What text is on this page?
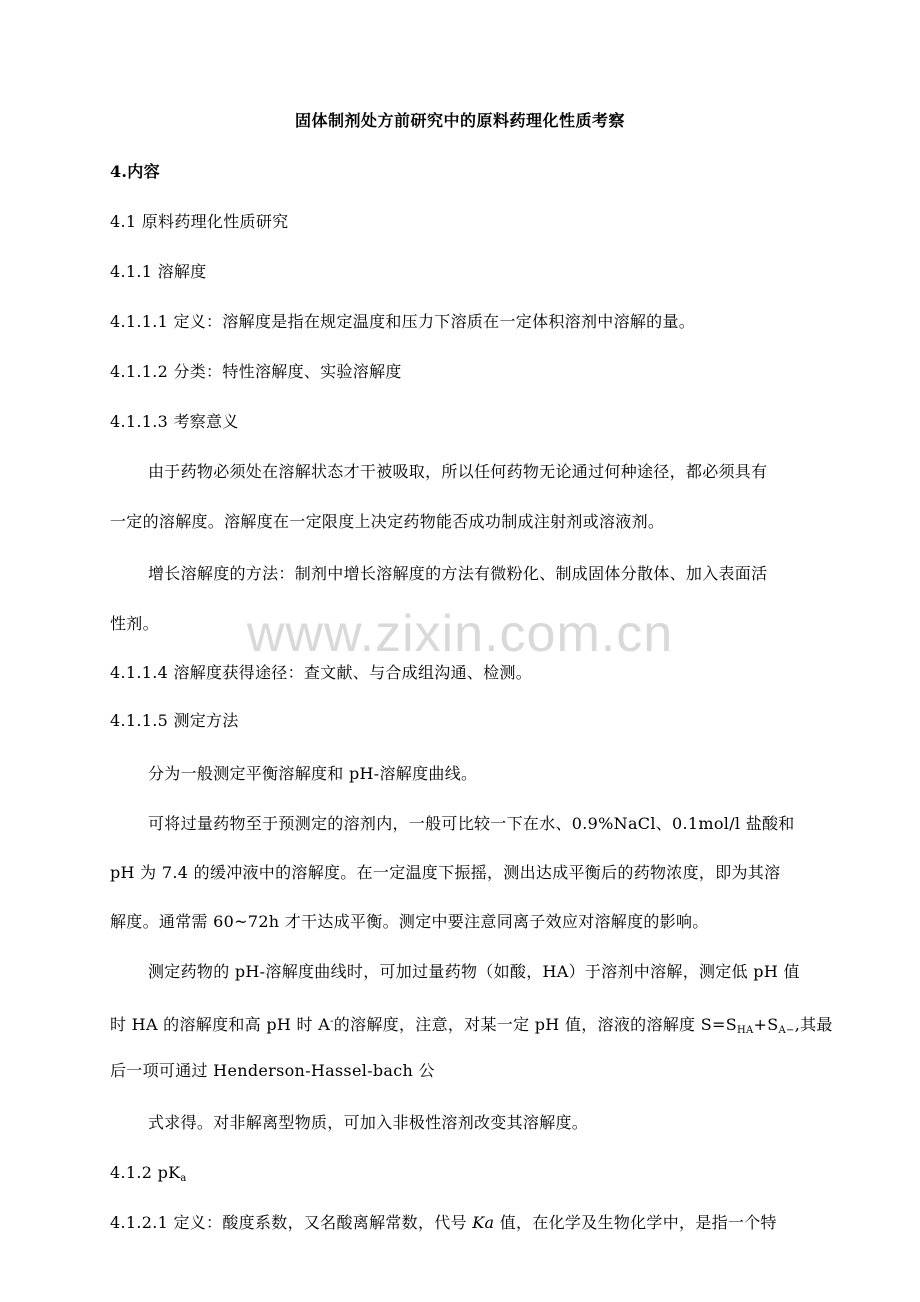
固体制剂处方前研究中的原料药理化性质考察
4.内容
4.1 原料药理化性质研究
4.1.1 溶解度
4.1.1.1 定义：溶解度是指在规定温度和压力下溶质在一定体积溶剂中溶解的量。
4.1.1.2 分类：特性溶解度、实验溶解度
4.1.1.3 考察意义
由于药物必须处在溶解状态才干被吸取，所以任何药物无论通过何种途径，都必须具有
一定的溶解度。溶解度在一定限度上决定药物能否成功制成注射剂或溶液剂。
增长溶解度的方法：制剂中增长溶解度的方法有微粉化、制成固体分散体、加入表面活
性剂。	www.zixin.com.cn
4.1.1.4 溶解度获得途径：查文献、与合成组沟通、检测。
4.1.1.5 测定方法
分为一般测定平衡溶解度和 pH-溶解度曲线。
可将过量药物至于预测定的溶剂内，一般可比较一下在水、0.9%NaCl、0.1mol/l 盐酸和
pH 为 7.4 的缓冲液中的溶解度。在一定温度下振摇，测出达成平衡后的药物浓度，即为其溶
解度。通常需 60~72h 才干达成平衡。测定中要注意同离子效应对溶解度的影响。
测定药物的 pH-溶解度曲线时，可加过量药物（如酸，HA）于溶剂中溶解，测定低 pH 值
时 HA 的溶解度和高 pH 时 A-的溶解度，注意，对某一定 pH 值，溶液的溶解度 S=SHA+SA−,其最
后一项可通过 Henderson-Hassel-bach 公
式求得。对非解离型物质，可加入非极性溶剂改变其溶解度。
4.1.2 pKa
4.1.2.1 定义：酸度系数，又名酸离解常数，代号 Ka 值，在化学及生物化学中，是指一个特
